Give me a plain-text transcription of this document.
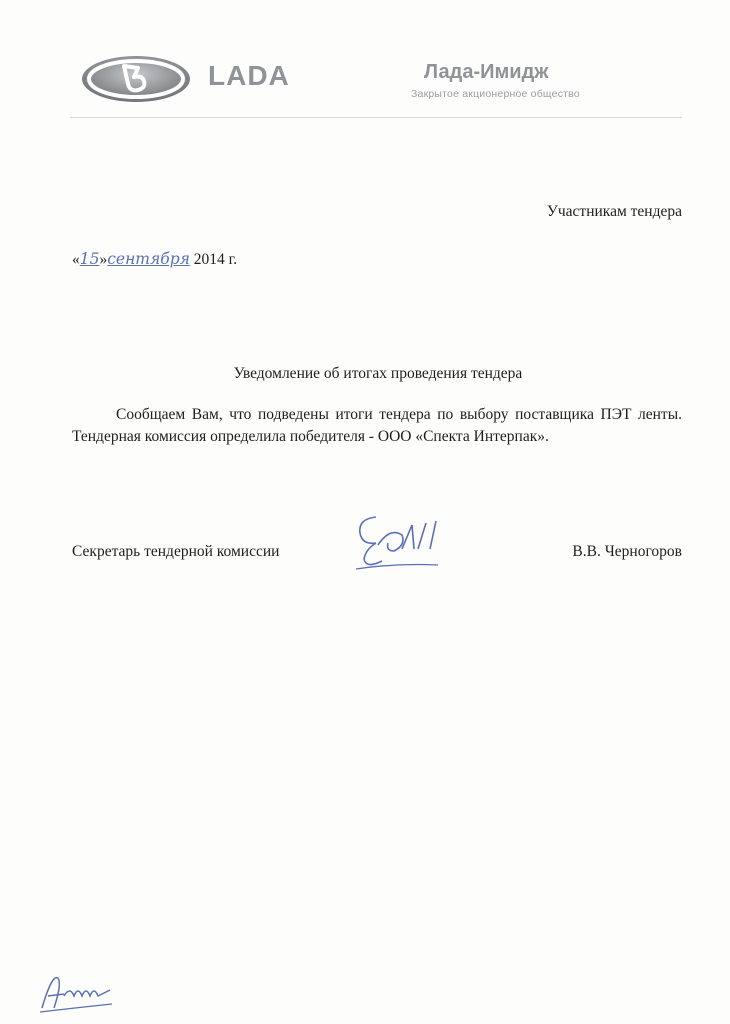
LADA	Лада-Имидж
Закрытое акционерное общество
Участникам тендера
«15»сентября 2014 г.
Уведомление об итогах проведения тендера

Сообщаем Вам, что подведены итоги тендера по выбору поставщика ПЭТ ленты. Тендерная комиссия определила победителя - ООО «Спекта Интерпак».

Секретарь тендерной комиссии	В.В. Черногоров
